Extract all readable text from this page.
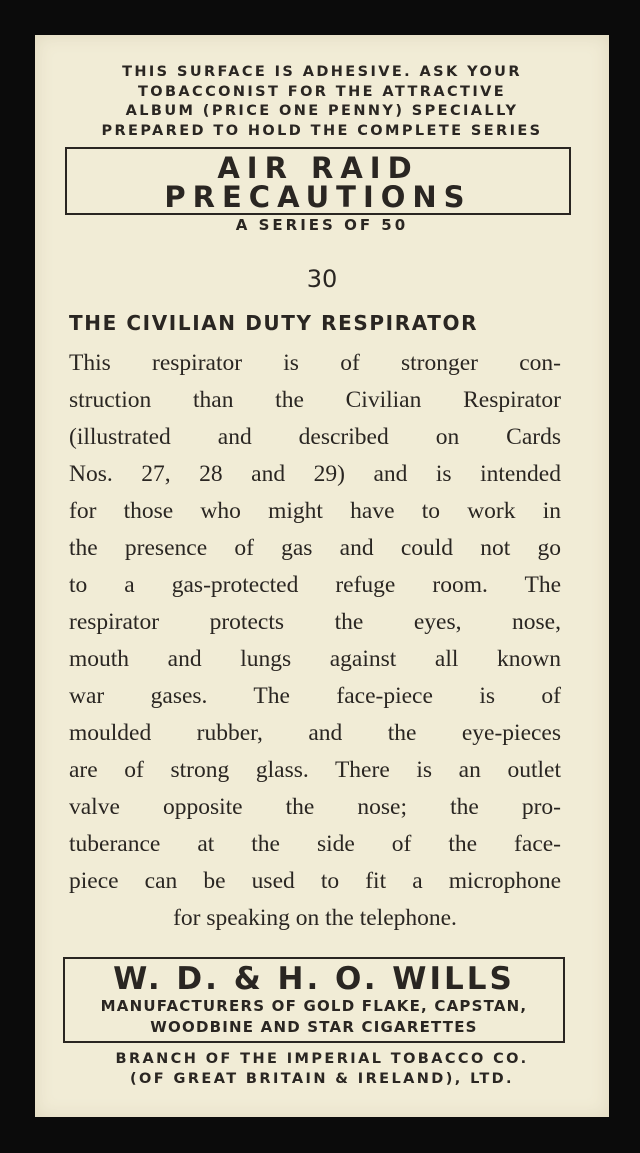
THIS SURFACE IS ADHESIVE. ASK YOUR
TOBACCONIST FOR THE ATTRACTIVE
ALBUM (PRICE ONE PENNY) SPECIALLY
PREPARED TO HOLD THE COMPLETE SERIES
AIR RAID
PRECAUTIONS
A SERIES OF 50
30
THE CIVILIAN DUTY RESPIRATOR
This respirator is of stronger con-
struction than the Civilian Respirator
(illustrated and described on Cards
Nos. 27, 28 and 29) and is intended
for those who might have to work in
the presence of gas and could not go
to a gas-protected refuge room. The
respirator protects the eyes, nose,
mouth and lungs against all known
war gases. The face-piece is of
moulded rubber, and the eye-pieces
are of strong glass. There is an outlet
valve opposite the nose; the pro-
tuberance at the side of the face-
piece can be used to fit a microphone
for speaking on the telephone.
W. D. & H. O. WILLS
MANUFACTURERS OF GOLD FLAKE, CAPSTAN,
WOODBINE AND STAR CIGARETTES
BRANCH OF THE IMPERIAL TOBACCO CO.
(OF GREAT BRITAIN & IRELAND), LTD.
